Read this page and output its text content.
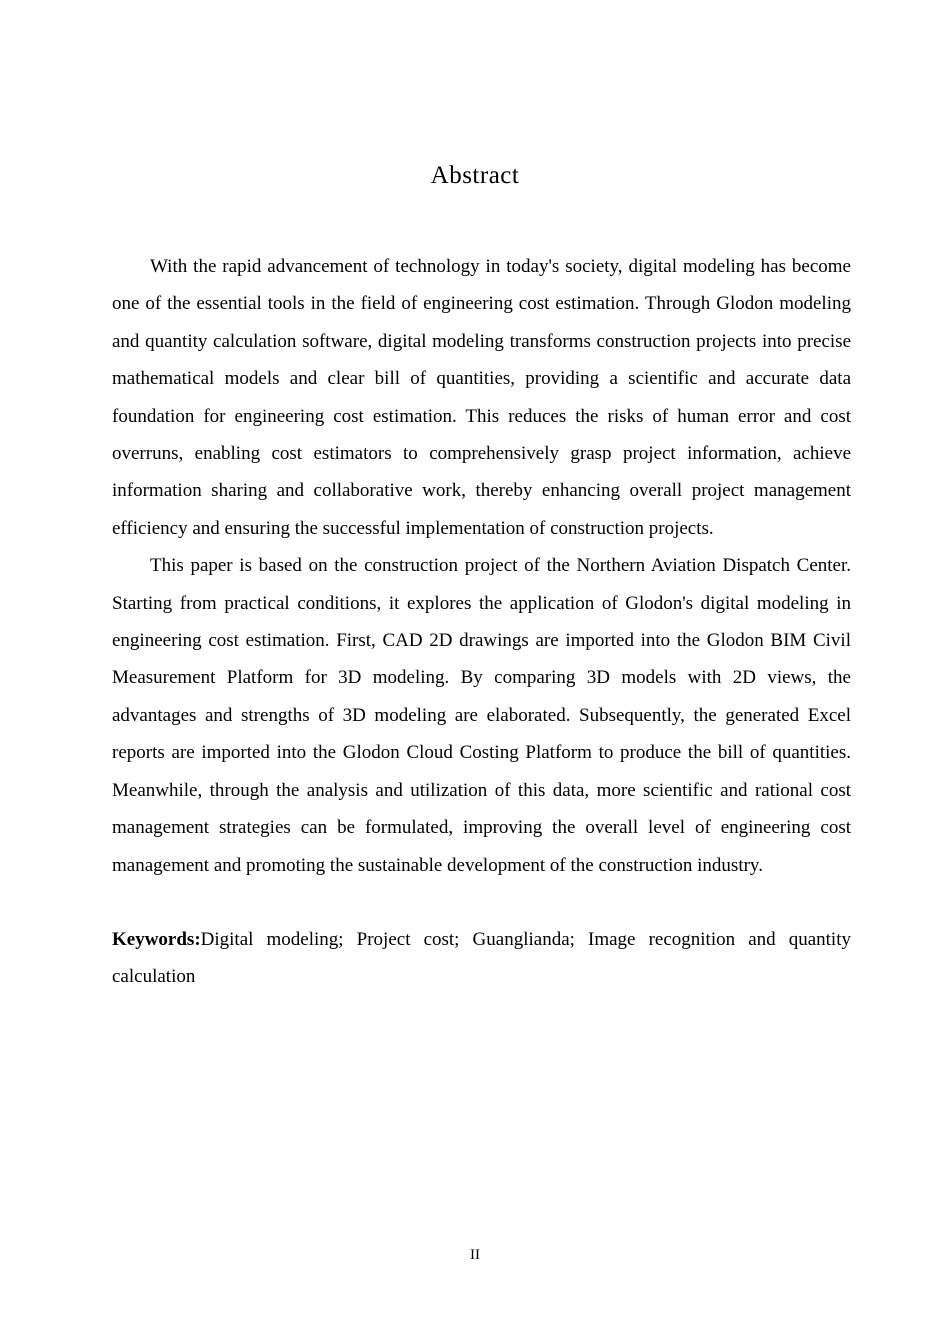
Abstract

With the rapid advancement of technology in today's society, digital modeling has become one of the essential tools in the field of engineering cost estimation. Through Glodon modeling and quantity calculation software, digital modeling transforms construction projects into precise mathematical models and clear bill of quantities, providing a scientific and accurate data foundation for engineering cost estimation. This reduces the risks of human error and cost overruns, enabling cost estimators to comprehensively grasp project information, achieve information sharing and collaborative work, thereby enhancing overall project management efficiency and ensuring the successful implementation of construction projects.

This paper is based on the construction project of the Northern Aviation Dispatch Center. Starting from practical conditions, it explores the application of Glodon's digital modeling in engineering cost estimation. First, CAD 2D drawings are imported into the Glodon BIM Civil Measurement Platform for 3D modeling. By comparing 3D models with 2D views, the advantages and strengths of 3D modeling are elaborated. Subsequently, the generated Excel reports are imported into the Glodon Cloud Costing Platform to produce the bill of quantities. Meanwhile, through the analysis and utilization of this data, more scientific and rational cost management strategies can be formulated, improving the overall level of engineering cost management and promoting the sustainable development of the construction industry.

Keywords:Digital modeling; Project cost; Guanglianda; Image recognition and quantity calculation

II
